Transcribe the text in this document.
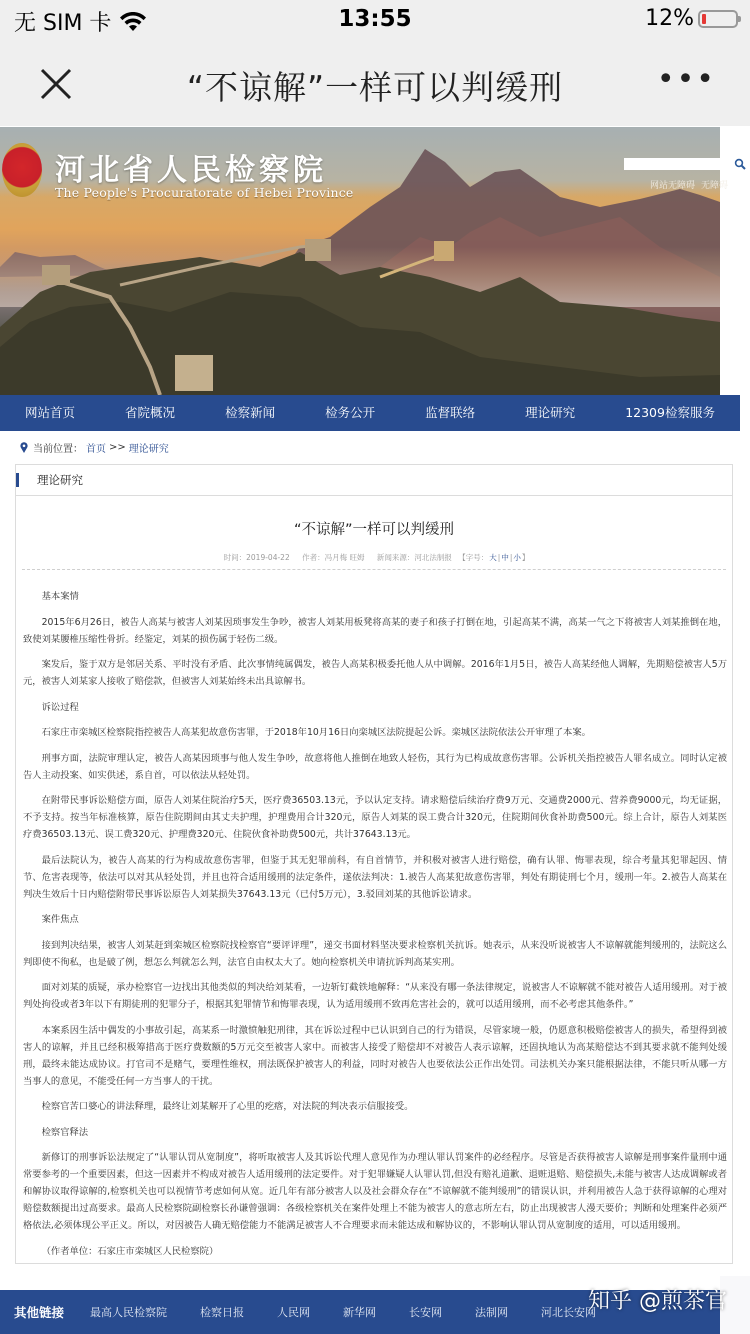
无 SIM 卡	13:55	12%
“不谅解”一样可以判缓刑	•••
河北省人民检察院
The People's Procuratorate of Hebei Province	网站无障碍 无障碍
网站首页	省院概况	检察新闻	检务公开	监督联络	理论研究	12309检察服务
当前位置： 首页 >> 理论研究
理论研究
“不谅解”一样可以判缓刑
时间：2019-04-22 作者：冯月梅 旺姆 新闻来源：河北法制报 【字号：大|中|小】

基本案情

2015年6月26日，被告人高某与被害人刘某因琐事发生争吵，被害人刘某用板凳将高某的妻子和孩子打倒在地，引起高某不满，高某一气之下将被害人刘某推倒在地，致使刘某腰椎压缩性骨折。经鉴定，刘某的损伤属于轻伤二级。

案发后，鉴于双方是邻居关系、平时没有矛盾、此次事情纯属偶发，被告人高某积极委托他人从中调解。2016年1月5日，被告人高某经他人调解，先期赔偿被害人5万元，被害人刘某家人接收了赔偿款，但被害人刘某始终未出具谅解书。

诉讼过程

石家庄市栾城区检察院指控被告人高某犯故意伤害罪，于2018年10月16日向栾城区法院提起公诉。栾城区法院依法公开审理了本案。

刑事方面，法院审理认定，被告人高某因琐事与他人发生争吵，故意将他人推倒在地致人轻伤，其行为已构成故意伤害罪。公诉机关指控被告人罪名成立。同时认定被告人主动投案、如实供述，系自首，可以依法从轻处罚。

在附带民事诉讼赔偿方面，原告人刘某住院治疗5天，医疗费36503.13元，予以认定支持。请求赔偿后续治疗费9万元、交通费2000元、营养费9000元，均无证据，不予支持。按当年标准核算，原告住院期间由其丈夫护理，护理费用合计320元，原告人刘某的误工费合计320元，住院期间伙食补助费500元。综上合计，原告人刘某医疗费36503.13元、误工费320元、护理费320元、住院伙食补助费500元，共计37643.13元。

最后法院认为，被告人高某的行为构成故意伤害罪，但鉴于其无犯罪前科，有自首情节，并积极对被害人进行赔偿，确有认罪、悔罪表现，综合考量其犯罪起因、情节、危害表现等，依法可以对其从轻处罚，并且也符合适用缓刑的法定条件，遂依法判决：1.被告人高某犯故意伤害罪，判处有期徒刑七个月，缓刑一年。2.被告人高某在判决生效后十日内赔偿附带民事诉讼原告人刘某损失37643.13元（已付5万元），3.驳回刘某的其他诉讼请求。

案件焦点

接到判决结果，被害人刘某赶到栾城区检察院找检察官“要评评理”，递交书面材料坚决要求检察机关抗诉。她表示，从来没听说被害人不谅解就能判缓刑的，法院这么判即使不徇私，也是破了例，想怎么判就怎么判，法官自由权太大了。她向检察机关申请抗诉判高某实刑。

面对刘某的质疑，承办检察官一边找出其他类似的判决给刘某看，一边斩钉截铁地解释：“从来没有哪一条法律规定，说被害人不谅解就不能对被告人适用缓刑。对于被判处拘役或者3年以下有期徒刑的犯罪分子，根据其犯罪情节和悔罪表现，认为适用缓刑不致再危害社会的，就可以适用缓刑，而不必考虑其他条件。”

本案系因生活中偶发的小事故引起，高某系一时激愤触犯刑律，其在诉讼过程中已认识到自己的行为错误，尽管家境一般，仍愿意积极赔偿被害人的损失，希望得到被害人的谅解，并且已经积极筹措高于医疗费数额的5万元交至被害人家中。而被害人接受了赔偿却不对被告人表示谅解，还固执地认为高某赔偿达不到其要求就不能判处缓刑，最终未能达成协议。打官司不是赌气，要理性维权，刑法既保护被害人的利益，同时对被告人也要依法公正作出处罚。司法机关办案只能根据法律，不能只听从哪一方当事人的意见，不能受任何一方当事人的干扰。

检察官苦口婆心的讲法释理，最终让刘某解开了心里的疙瘩，对法院的判决表示信服接受。

检察官释法

新修订的刑事诉讼法规定了“认罪认罚从宽制度”，将听取被害人及其诉讼代理人意见作为办理认罪认罚案件的必经程序。尽管是否获得被害人谅解是刑事案件量刑中通常要参考的一个重要因素，但这一因素并不构成对被告人适用缓刑的法定要件。对于犯罪嫌疑人认罪认罚,但没有赔礼道歉、退赃退赔、赔偿损失,未能与被害人达成调解或者和解协议取得谅解的,检察机关也可以视情节考虑如何从宽。近几年有部分被害人以及社会群众存在“不谅解就不能判缓刑”的错误认识，并利用被告人急于获得谅解的心理对赔偿数额提出过高要求。最高人民检察院副检察长孙谦曾强调：各级检察机关在案件处理上不能为被害人的意志所左右，防止出现被害人漫天要价；判断和处理案件必须严格依法,必须体现公平正义。所以，对因被告人确无赔偿能力不能满足被害人不合理要求而未能达成和解协议的，不影响认罪认罚从宽制度的适用，可以适用缓刑。

（作者单位：石家庄市栾城区人民检察院）

其他链接 最高人民检察院	检察日报	人民网	新华网	长安网	法制网	河北长安网
知乎 @煎茶官
